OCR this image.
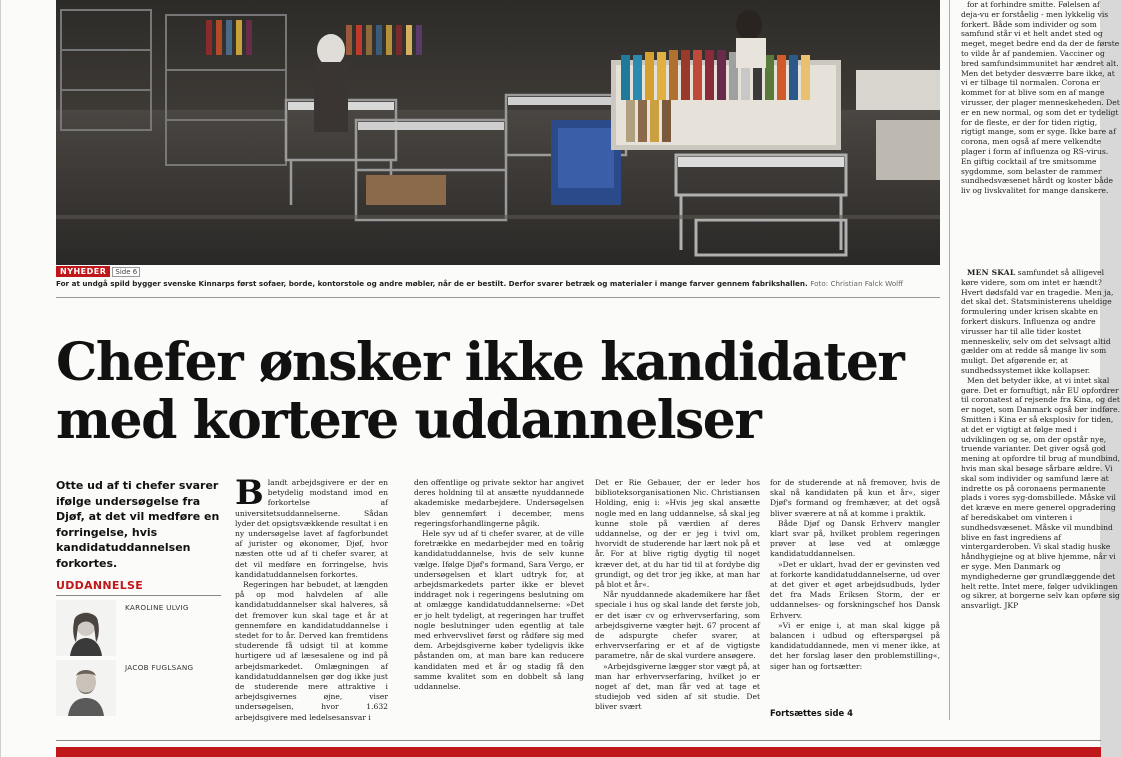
NYHEDER	Side 6
For at undgå spild bygger svenske Kinnarps først sofaer, borde, kontorstole og andre møbler, når de er bestilt. Derfor svarer betræk og materialer i mange farver gennem fabrikshallen. Foto: Christian Falck Wolff
Chefer ønsker ikke kandidater
med kortere uddannelser
Otte ud af ti chefer svarer ifølge undersøgelse fra Djøf, at det vil medføre en forringelse, hvis kandidatuddannelsen forkortes.
UDDANNELSE
KAROLINE ULVIG
JACOB FUGLSANG

Blandt arbejdsgivere er der en betydelig modstand imod en forkortelse af universitetsuddannelserne. Sådan lyder det opsigtsvækkende resultat i en ny undersøgelse lavet af fagforbundet af jurister og økonomer, Djøf, hvor næsten otte ud af ti chefer svarer, at det vil medføre en forringelse, hvis kandidatuddannelsen forkortes.

Regeringen har bebudet, at længden på op mod halvdelen af alle kandidatuddannelser skal halveres, så det fremover kun skal tage et år at gennemføre en kandidatuddannelse i stedet for to år. Derved kan fremtidens studerende få udsigt til at komme hurtigere ud af læsesalene og ind på arbejdsmarkedet. Omlægningen af kandidatuddannelsen gør dog ikke just de studerende mere attraktive i arbejdsgivernes øjne, viser undersøgelsen, hvor 1.632 arbejdsgivere med ledelsesansvar i

den offentlige og private sektor har angivet deres holdning til at ansætte nyuddannede akademiske medarbejdere. Undersøgelsen blev gennemført i december, mens regeringsforhandlingerne pågik.

Hele syv ud af ti chefer svarer, at de ville foretrække en medarbejder med en toårig kandidatuddannelse, hvis de selv kunne vælge. Ifølge Djøf's formand, Sara Vergo, er undersøgelsen et klart udtryk for, at arbejdsmarkedets parter ikke er blevet inddraget nok i regeringens beslutning om at omlægge kandidatuddannelserne: »Det er jo helt tydeligt, at regeringen har truffet nogle beslutninger uden egentlig at tale med erhvervslivet først og rådføre sig med dem. Arbejdsgiverne køber tydeligvis ikke påstanden om, at man bare kan reducere kandidaten med et år og stadig få den samme kvalitet som en dobbelt så lang uddannelse.

Det er Rie Gebauer, der er leder hos biblioteksorganisationen Nic. Christiansen Holding, enig i: »Hvis jeg skal ansætte nogle med en lang uddannelse, så skal jeg kunne stole på værdien af deres uddannelse, og der er jeg i tvivl om, hvorvidt de studerende har lært nok på et år. For at blive rigtig dygtig til noget kræver det, at du har tid til at fordybe dig grundigt, og det tror jeg ikke, at man har på blot et år«.

Når nyuddannede akademikere har fået speciale i hus og skal lande det første job, er det især cv og erhvervserfaring, som arbejdsgiverne vægter højt. 67 procent af de adspurgte chefer svarer, at erhvervserfaring er et af de vigtigste parametre, når de skal vurdere ansøgere.

»Arbejdsgiverne lægger stor vægt på, at man har erhvervserfaring, hvilket jo er noget af det, man får ved at tage et studiejob ved siden af sit studie. Det bliver svært

for de studerende at nå fremover, hvis de skal nå kandidaten på kun et år«, siger Djøf's formand og fremhæver, at det også bliver sværere at nå at komme i praktik.

Både Djøf og Dansk Erhverv mangler klart svar på, hvilket problem regeringen prøver at løse ved at omlægge kandidatuddannelsen.

»Det er uklart, hvad der er gevinsten ved at forkorte kandidatuddannelserne, ud over at det giver et øget arbejdsudbuds, lyder det fra Mads Eriksen Storm, der er uddannelses- og forskningschef hos Dansk Erhverv.

»Vi er enige i, at man skal kigge på balancen i udbud og efterspørgsel på kandidatuddannede, men vi mener ikke, at det her forslag løser den problemstilling«, siger han og fortsætter:

Fortsættes side 4

for at forhindre smitte. Følelsen af deja-vu er forståelig - men lykkelig vis forkert. Både som individer og som samfund står vi et helt andet sted og meget, meget bedre end da der de første to vilde år af pandemien. Vacciner og bred samfundsimmunitet har ændret alt. Men det betyder desværre bare ikke, at vi er tilbage til normalen. Corona er kommet for at blive som en af mange virusser, der plager menneskeheden. Det er en new normal, og som det er tydeligt for de fleste, er der for tiden rigtig, rigtigt mange, som er syge. Ikke bare af corona, men også af mere velkendte plager i form af influenza og RS-virus. En giftig cocktail af tre smitsomme sygdomme, som belaster de rammer sundhedsvæsenet hårdt og koster både liv og livskvalitet for mange danskere.

MEN SKAL samfundet så alligevel køre videre, som om intet er hændt? Hvert dødsfald var en tragedie. Men ja, det skal det. Statsministerens uheldige formulering under krisen skabte en forkert diskurs. Influenza og andre virusser har til alle tider kostet menneskeliv, selv om det selvsagt altid gælder om at redde så mange liv som muligt. Det afgørende er, at sundhedssystemet ikke kollapser.

Men det betyder ikke, at vi intet skal gøre. Det er fornuftigt, når EU opfordrer til coronatest af rejsende fra Kina, og det er noget, som Danmark også bør indføre. Smitten i Kina er så eksplosiv for tiden, at det er vigtigt at følge med i udviklingen og se, om der opstår nye, truende varianter. Det giver også god mening at opfordre til brug af mundbind, hvis man skal besøge sårbare ældre. Vi skal som individer og samfund lære at indrette os på coronaens permanente plads i vores syg-domsbillede. Måske vil det kræve en mere generel opgradering af beredskabet om vinteren i sundhedsvæsenet. Måske vil mundbind blive en fast ingrediens af vintergarderoben. Vi skal stadig huske håndhygiejne og at blive hjemme, når vi er syge. Men Danmark og myndighederne gør grundlæggende det helt rette. Intet mere, følger udviklingen og sikrer, at borgerne selv kan opføre sig ansvarligt. JKP
